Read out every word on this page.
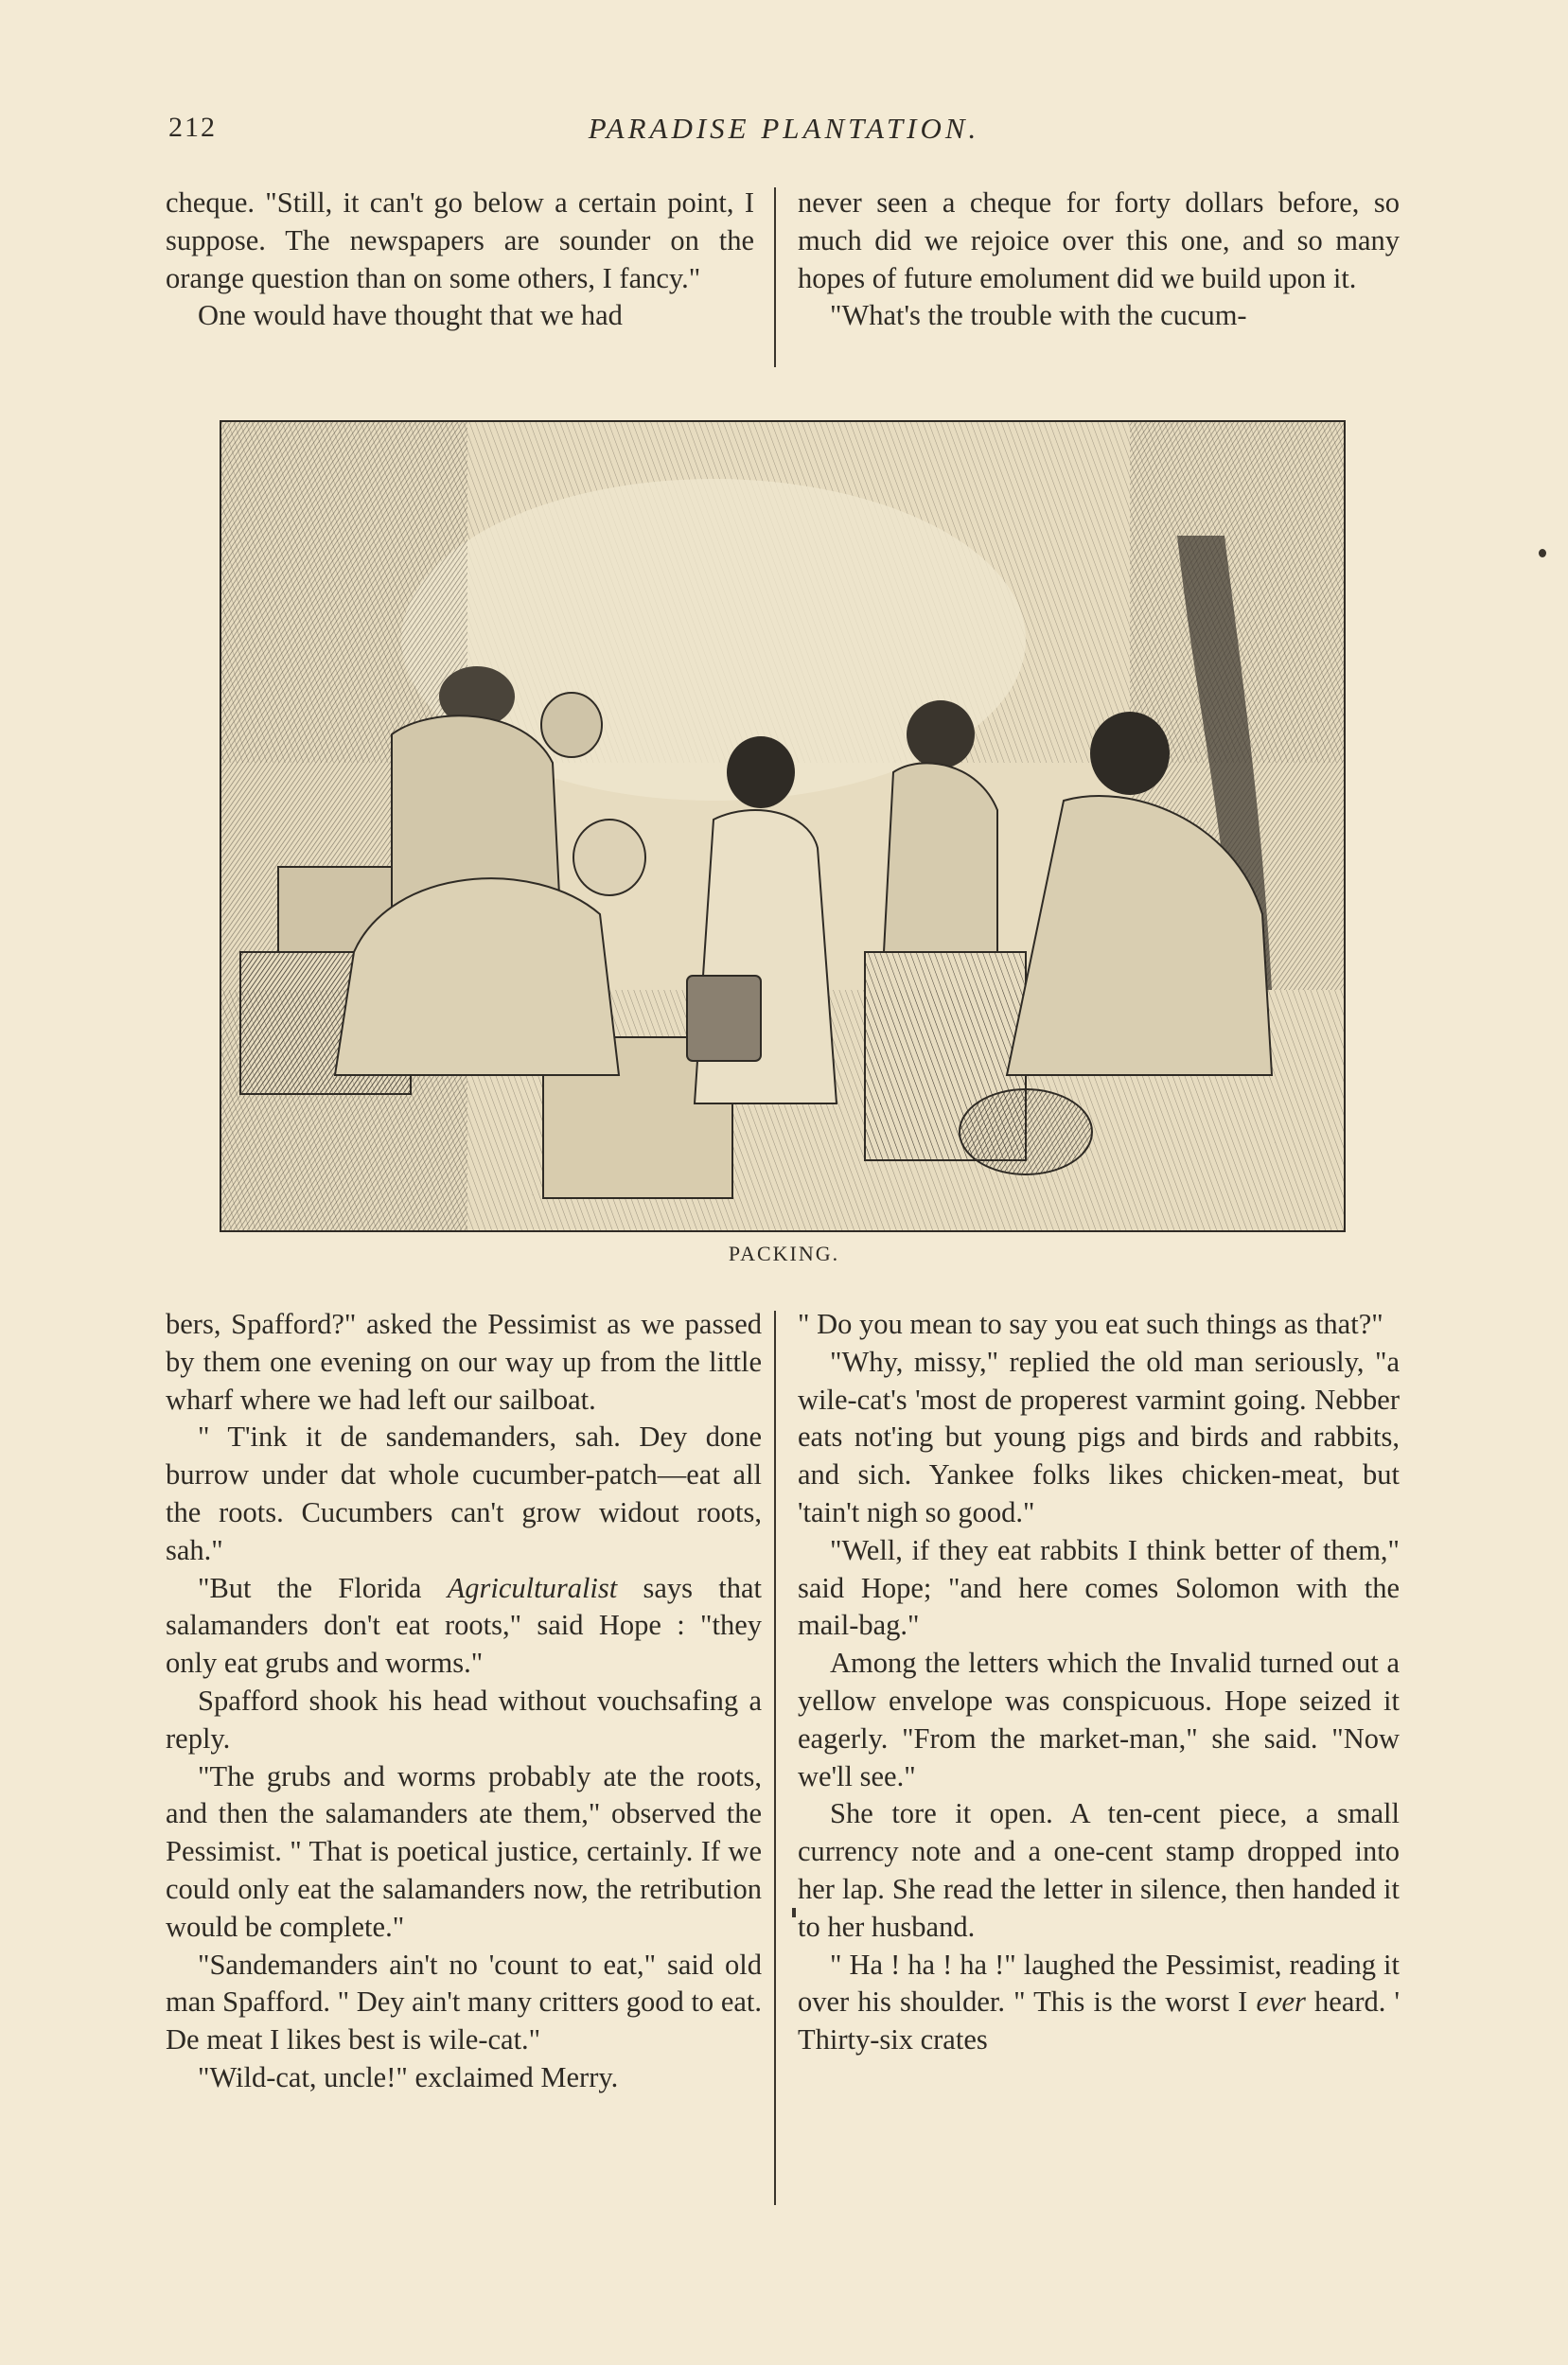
212	PARADISE PLANTATION.

cheque. "Still, it can't go below a certain point, I suppose. The newspapers are sounder on the orange question than on some others, I fancy."

One would have thought that we had

never seen a cheque for forty dollars before, so much did we rejoice over this one, and so many hopes of future emolument did we build upon it.

"What's the trouble with the cucum-

PACKING.

bers, Spafford?" asked the Pessimist as we passed by them one evening on our way up from the little wharf where we had left our sailboat.

" T'ink it de sandemanders, sah. Dey done burrow under dat whole cucumber-patch—eat all the roots. Cucumbers can't grow widout roots, sah."

"But the Florida Agriculturalist says that salamanders don't eat roots," said Hope : "they only eat grubs and worms."

Spafford shook his head without vouchsafing a reply.

"The grubs and worms probably ate the roots, and then the salamanders ate them," observed the Pessimist. " That is poetical justice, certainly. If we could only eat the salamanders now, the retribution would be complete."

"Sandemanders ain't no 'count to eat," said old man Spafford. " Dey ain't many critters good to eat. De meat I likes best is wile-cat."

"Wild-cat, uncle!" exclaimed Merry.

" Do you mean to say you eat such things as that?"

"Why, missy," replied the old man seriously, "a wile-cat's 'most de properest varmint going. Nebber eats not'ing but young pigs and birds and rabbits, and sich. Yankee folks likes chicken-meat, but 'tain't nigh so good."

"Well, if they eat rabbits I think better of them," said Hope; "and here comes Solomon with the mail-bag."

Among the letters which the Invalid turned out a yellow envelope was conspicuous. Hope seized it eagerly. "From the market-man," she said. "Now we'll see."

She tore it open. A ten-cent piece, a small currency note and a one-cent stamp dropped into her lap. She read the letter in silence, then handed it to her husband.

" Ha ! ha ! ha !" laughed the Pessimist, reading it over his shoulder. " This is the worst I ever heard. ' Thirty-six crates
